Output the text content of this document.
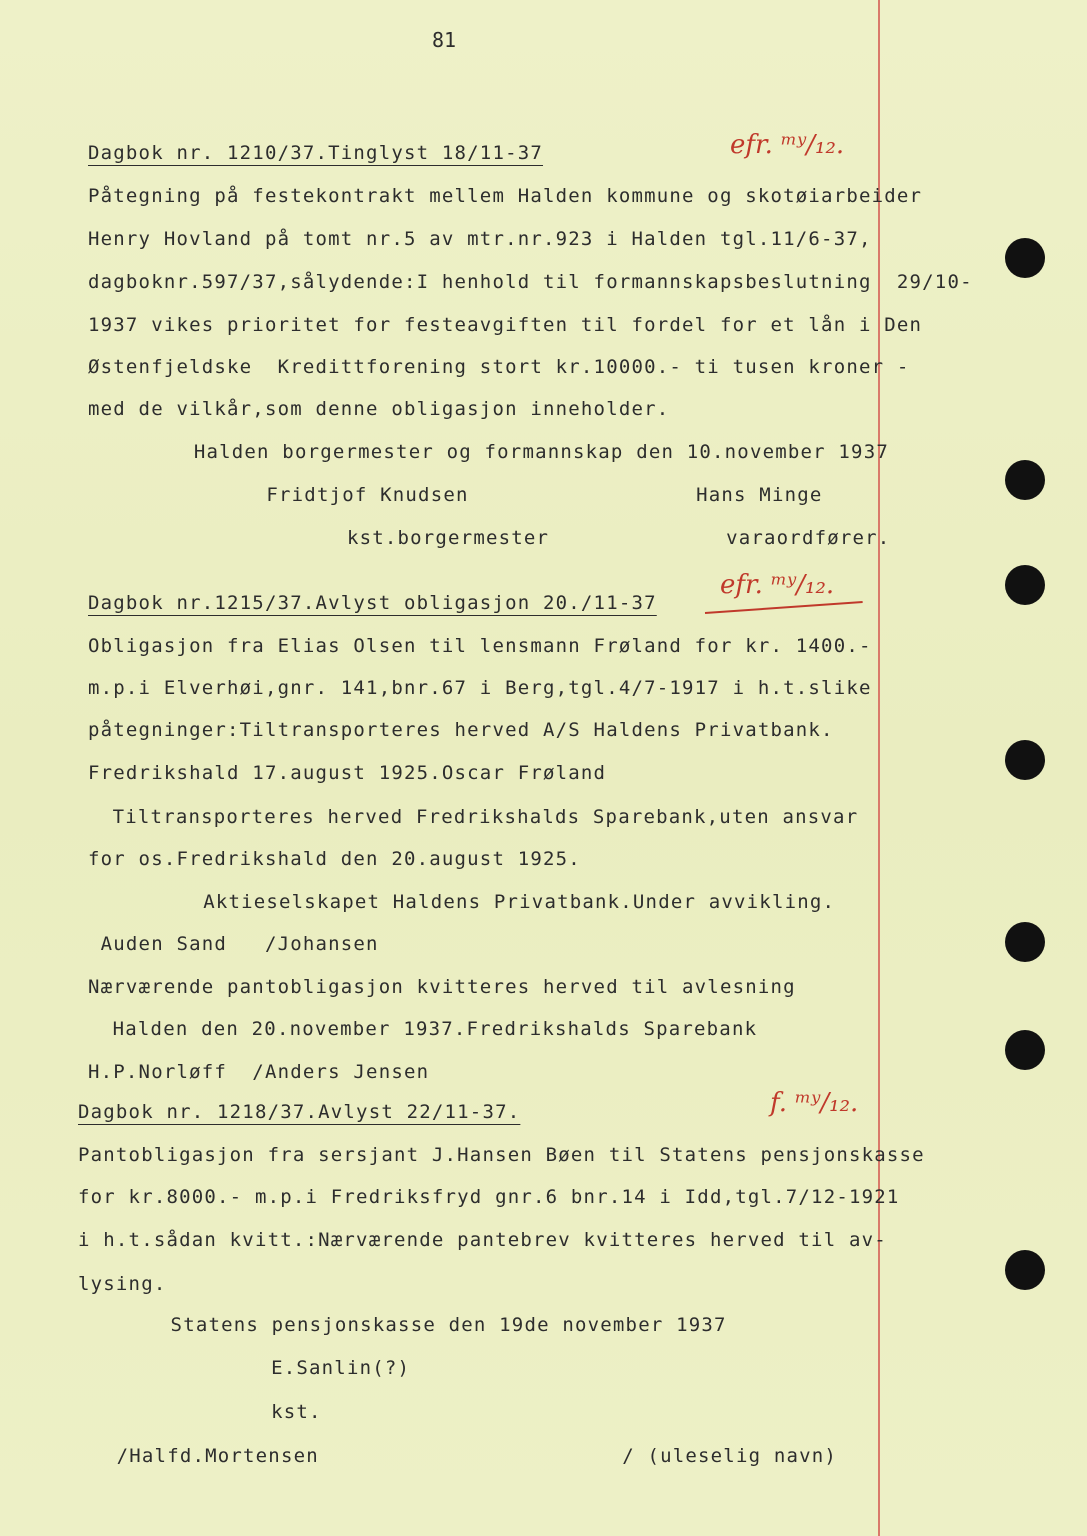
81
Dagbok nr. 1210/37.Tinglyst 18/11-37	efr. ᵐʸ/₁₂.
Påtegning på festekontrakt mellem Halden kommune og skotøiarbeider
Henry Hovland på tomt nr.5 av mtr.nr.923 i Halden tgl.11/6-37,
dagboknr.597/37,sålydende:I henhold til formannskapsbeslutning  29/10-
1937 vikes prioritet for festeavgiften til fordel for et lån i Den
Østenfjeldske  Kredittforening stort kr.10000.- ti tusen kroner -
med de vilkår,som denne obligasjon inneholder.
Halden borgermester og formannskap den 10.november 1937
Fridtjof Knudsen                  Hans Minge
kst.borgermester              varaordfører.
Dagbok nr.1215/37.Avlyst obligasjon 20./11-37
efr. ᵐʸ/₁₂.
Obligasjon fra Elias Olsen til lensmann Frøland for kr. 1400.-
m.p.i Elverhøi,gnr. 141,bnr.67 i Berg,tgl.4/7-1917 i h.t.slike
påtegninger:Tiltransporteres herved A/S Haldens Privatbank.
Fredrikshald 17.august 1925.Oscar Frøland
Tiltransporteres herved Fredrikshalds Sparebank,uten ansvar
for os.Fredrikshald den 20.august 1925.
Aktieselskapet Haldens Privatbank.Under avvikling.
Auden Sand   /Johansen
Nærværende pantobligasjon kvitteres herved til avlesning
Halden den 20.november 1937.Fredrikshalds Sparebank
H.P.Norløff  /Anders Jensen
Dagbok nr. 1218/37.Avlyst 22/11-37.	f. ᵐʸ/₁₂.
Pantobligasjon fra sersjant J.Hansen Bøen til Statens pensjonskasse
for kr.8000.- m.p.i Fredriksfryd gnr.6 bnr.14 i Idd,tgl.7/12-1921
i h.t.sådan kvitt.:Nærværende pantebrev kvitteres herved til av-
lysing.
Statens pensjonskasse den 19de november 1937
E.Sanlin(?)
kst.
/Halfd.Mortensen                        / (uleselig navn)
